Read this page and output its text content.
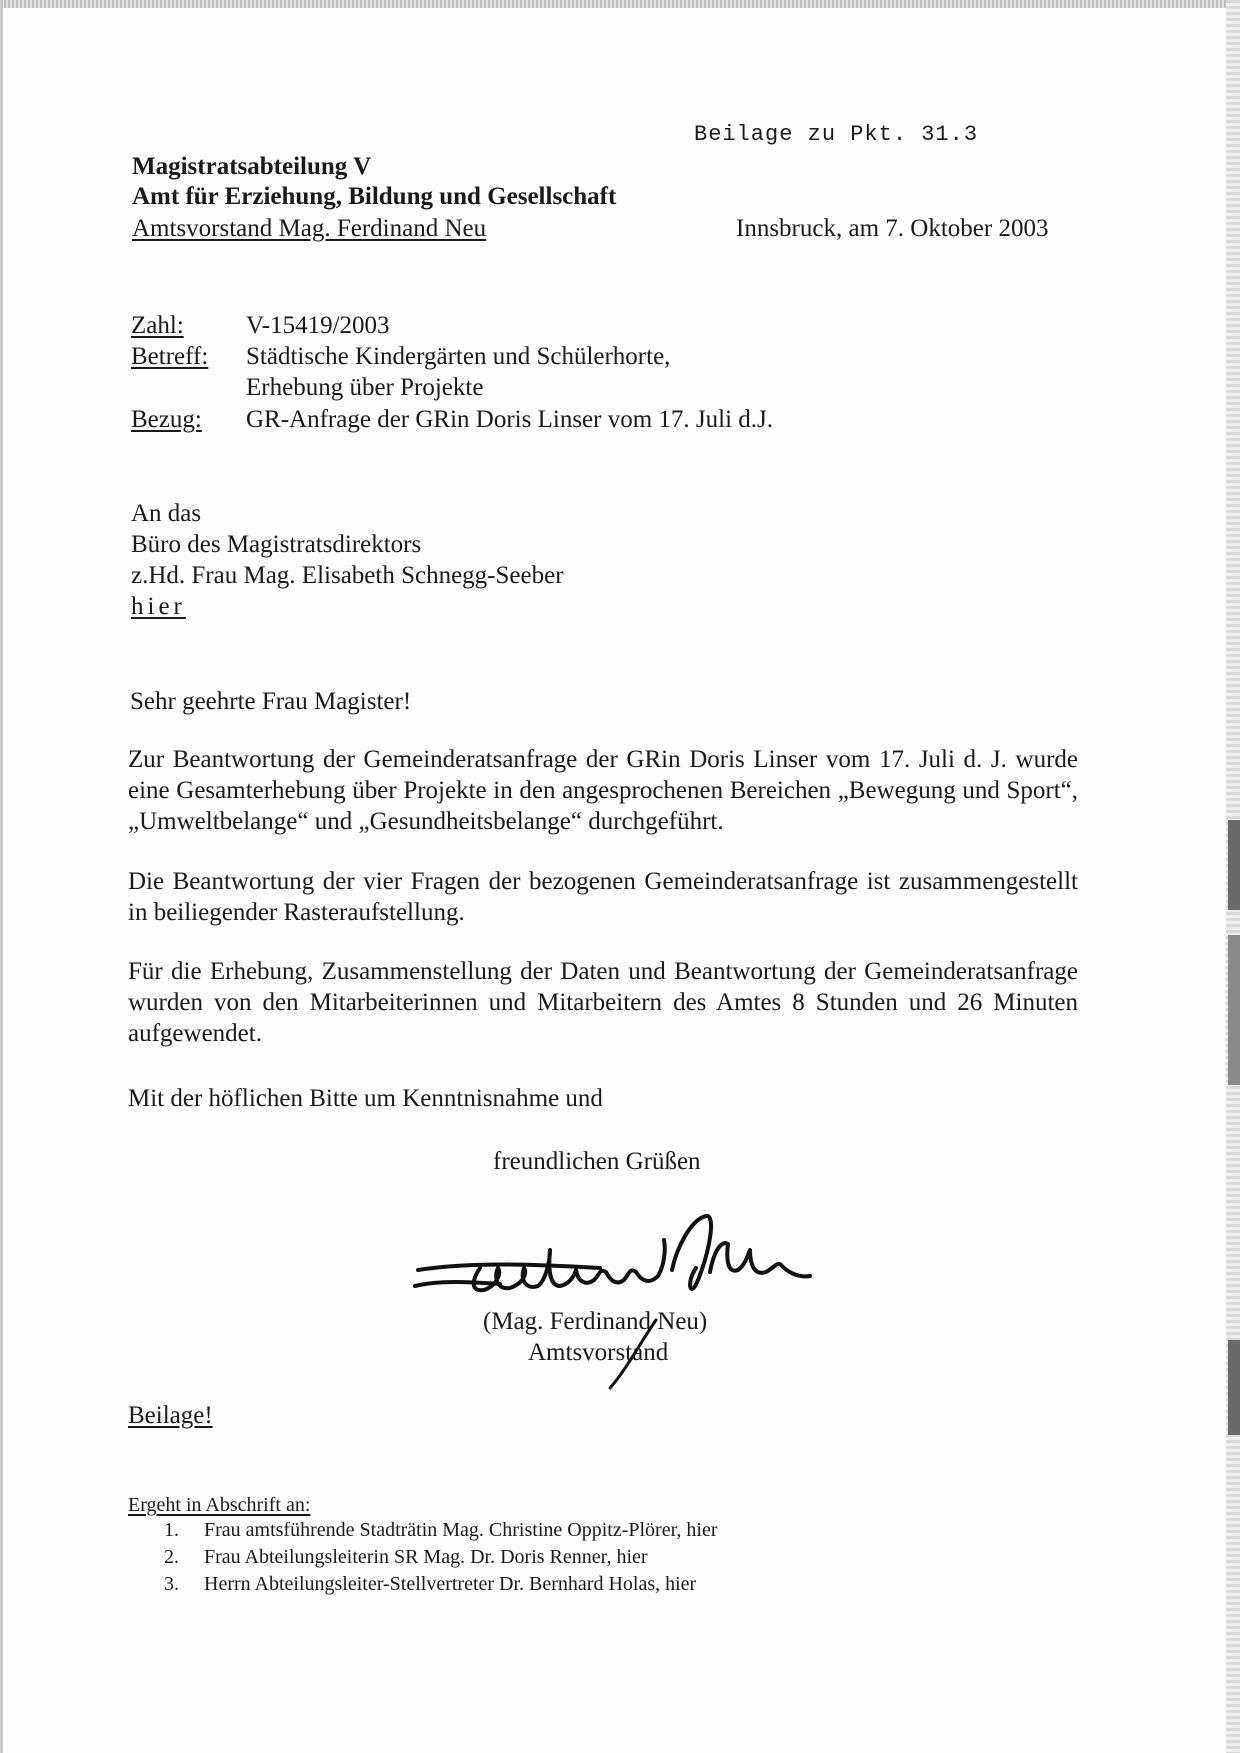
Beilage zu Pkt. 31.3
Magistratsabteilung V
Amt für Erziehung, Bildung und Gesellschaft
Amtsvorstand Mag. Ferdinand Neu	Innsbruck, am 7. Oktober 2003
Zahl: V-15419/2003
Betreff: Städtische Kindergärten und Schülerhorte,
Erhebung über Projekte
Bezug: GR-Anfrage der GRin Doris Linser vom 17. Juli d.J.
An das
Büro des Magistratsdirektors
z.Hd. Frau Mag. Elisabeth Schnegg-Seeber
hier
Sehr geehrte Frau Magister!
Zur Beantwortung der Gemeinderatsanfrage der GRin Doris Linser vom 17. Juli d. J. wurde eine Gesamterhebung über Projekte in den angesprochenen Bereichen „Bewegung und Sport“, „Umweltbelange“ und „Gesundheitsbelange“ durchgeführt.
Die Beantwortung der vier Fragen der bezogenen Gemeinderatsanfrage ist zusammengestellt in beiliegender Rasteraufstellung.
Für die Erhebung, Zusammenstellung der Daten und Beantwortung der Gemeinderatsanfrage wurden von den Mitarbeiterinnen und Mitarbeitern des Amtes 8 Stunden und 26 Minuten aufgewendet.
Mit der höflichen Bitte um Kenntnisnahme und
freundlichen Grüßen
(Mag. Ferdinand Neu)
Amtsvorstand
Beilage!
Ergeht in Abschrift an:
1. Frau amtsführende Stadträtin Mag. Christine Oppitz-Plörer, hier
2. Frau Abteilungsleiterin SR Mag. Dr. Doris Renner, hier
3. Herrn Abteilungsleiter-Stellvertreter Dr. Bernhard Holas, hier
